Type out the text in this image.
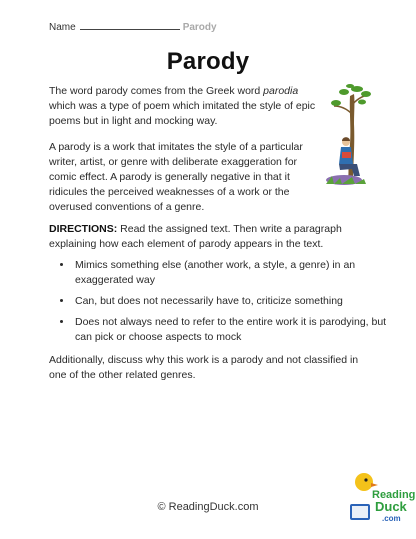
Name	Parody
Parody
The word parody comes from the Greek word parodia which was a type of poem which imitated the style of epic poems but in light and mocking way.
A parody is a work that imitates the style of a particular writer, artist, or genre with deliberate exaggeration for comic effect. A parody is generally negative in that it ridicules the perceived weaknesses of a work or the overused conventions of a genre.
DIRECTIONS: Read the assigned text. Then write a paragraph explaining how each element of parody appears in the text.
• Mimics something else (another work, a style, a genre) in an exaggerated way
• Can, but does not necessarily have to, criticize something
• Does not always need to refer to the entire work it is parodying, but can pick or choose aspects to mock
Additionally, discuss why this work is a parody and not classified in one of the other related genres.
© ReadingDuck.com
Reading
Duck
.com
